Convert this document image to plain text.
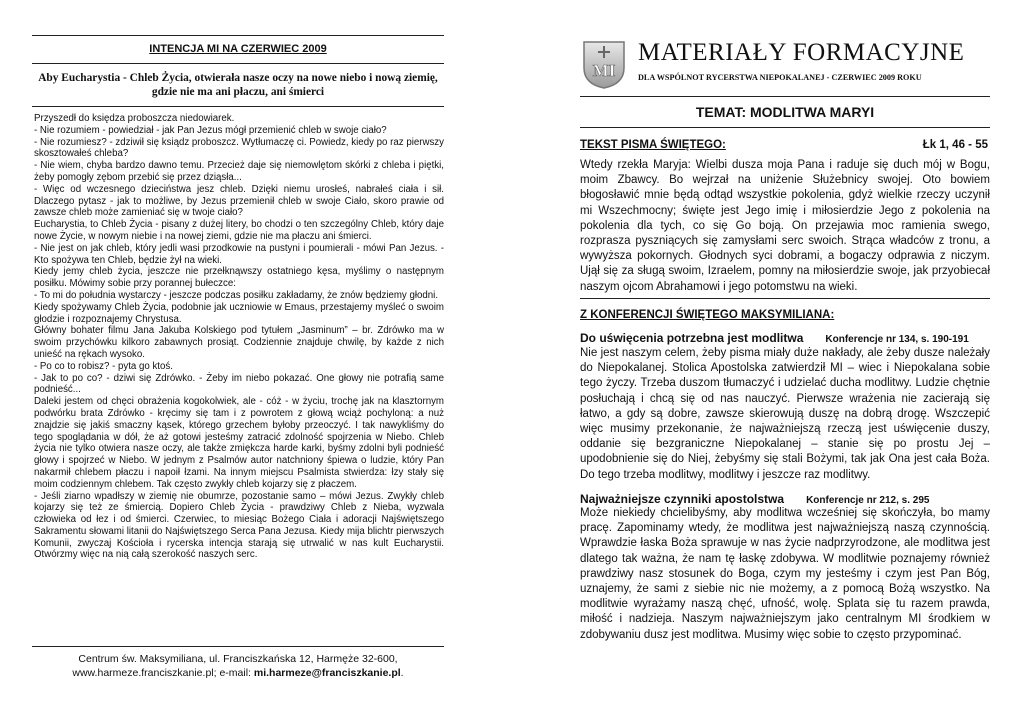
INTENCJA MI NA CZERWIEC 2009
Aby Eucharystia - Chleb Życia, otwierała nasze oczy na nowe niebo i nową ziemię, gdzie nie ma ani płaczu, ani śmierci

Przyszedł do księdza proboszcza niedowiarek.

- Nie rozumiem - powiedział - jak Pan Jezus mógł przemienić chleb w swoje ciało?

- Nie rozumiesz? - zdziwił się ksiądz proboszcz. Wytłumaczę ci. Powiedz, kiedy po raz pierwszy skosztowałeś chleba?

- Nie wiem, chyba bardzo dawno temu. Przecież daje się niemowlętom skórki z chleba i piętki, żeby pomogły zębom przebić się przez dziąsła...

- Więc od wczesnego dzieciństwa jesz chleb. Dzięki niemu urosłeś, nabrałeś ciała i sił. Dlaczego pytasz - jak to możliwe, by Jezus przemienił chleb w swoje Ciało, skoro prawie od zawsze chleb może zamieniać się w twoje ciało?

Eucharystia, to Chleb Życia - pisany z dużej litery, bo chodzi o ten szczególny Chleb, który daje nowe Życie, w nowym niebie i na nowej ziemi, gdzie nie ma płaczu ani śmierci.

- Nie jest on jak chleb, który jedli wasi przodkowie na pustyni i poumierali - mówi Pan Jezus. - Kto spożywa ten Chleb, będzie żył na wieki.

Kiedy jemy chleb życia, jeszcze nie przełknąwszy ostatniego kęsa, myślimy o następnym posiłku. Mówimy sobie przy porannej bułeczce:

- To mi do południa wystarczy - jeszcze podczas posiłku zakładamy, że znów będziemy głodni.

Kiedy spożywamy Chleb Życia, podobnie jak uczniowie w Emaus, przestajemy myśleć o swoim głodzie i rozpoznajemy Chrystusa.

Główny bohater filmu Jana Jakuba Kolskiego pod tytułem „Jasminum” – br. Zdrówko ma w swoim przychówku kilkoro zabawnych prosiąt. Codziennie znajduje chwilę, by każde z nich unieść na rękach wysoko.

- Po co to robisz? - pyta go ktoś.

- Jak to po co? - dziwi się Zdrówko. - Żeby im niebo pokazać. One głowy nie potrafią same podnieść...

Daleki jestem od chęci obrażenia kogokolwiek, ale - cóż - w życiu, trochę jak na klasztornym podwórku brata Zdrówko - kręcimy się tam i z powrotem z głową wciąż pochyloną: a nuż znajdzie się jakiś smaczny kąsek, którego grzechem byłoby przeoczyć. I tak nawykliśmy do tego spoglądania w dół, że aż gotowi jesteśmy zatracić zdolność spojrzenia w Niebo. Chleb życia nie tylko otwiera nasze oczy, ale także zmiękcza harde karki, byśmy zdolni byli podnieść głowy i spojrzeć w Niebo. W jednym z Psalmów autor natchniony śpiewa o ludzie, który Pan nakarmił chlebem płaczu i napoił łzami. Na innym miejscu Psalmista stwierdza: łzy stały się moim codziennym chlebem. Tak często zwykły chleb kojarzy się z płaczem.

- Jeśli ziarno wpadłszy w ziemię nie obumrze, pozostanie samo – mówi Jezus. Zwykły chleb kojarzy się też ze śmiercią. Dopiero Chleb Życia - prawdziwy Chleb z Nieba, wyzwala człowieka od łez i od śmierci. Czerwiec, to miesiąc Bożego Ciała i adoracji Najświętszego Sakramentu słowami litanii do Najświętszego Serca Pana Jezusa. Kiedy mija blichtr pierwszych Komunii, zwyczaj Kościoła i rycerska intencja starają się utrwalić w nas kult Eucharystii. Otwórzmy więc na nią całą szerokość naszych serc.

Centrum św. Maksymiliana, ul. Franciszkańska 12, Harmęże 32-600,
www.harmeze.franciszkanie.pl; e-mail: mi.harmeze@franciszkanie.pl.
MI
MATERIAŁY FORMACYJNE
DLA WSPÓLNOT RYCERSTWA NIEPOKALANEJ - CZERWIEC 2009 ROKU
TEMAT: MODLITWA MARYI
TEKST PISMA ŚWIĘTEGO:	Łk 1, 46 - 55
Wtedy rzekła Maryja: Wielbi dusza moja Pana i raduje się duch mój w Bogu, moim Zbawcy. Bo wejrzał na uniżenie Służebnicy swojej. Oto bowiem błogosławić mnie będą odtąd wszystkie pokolenia, gdyż wielkie rzeczy uczynił mi Wszechmocny; święte jest Jego imię i miłosierdzie Jego z pokolenia na pokolenia dla tych, co się Go boją. On przejawia moc ramienia swego, rozprasza pyszniących się zamysłami serc swoich. Strąca władców z tronu, a wywyższa pokornych. Głodnych syci dobrami, a bogaczy odprawia z niczym. Ujął się za sługą swoim, Izraelem, pomny na miłosierdzie swoje, jak przyobiecał naszym ojcom Abrahamowi i jego potomstwu na wieki.
Z KONFERENCJI ŚWIĘTEGO MAKSYMILIANA:
Do uświęcenia potrzebna jest modlitwa Konferencje nr 134, s. 190-191
Nie jest naszym celem, żeby pisma miały duże nakłady, ale żeby dusze należały do Niepokalanej. Stolica Apostolska zatwierdził MI – wiec i Niepokalana sobie tego życzy. Trzeba duszom tłumaczyć i udzielać ducha modlitwy. Ludzie chętnie posłuchają i chcą się od nas nauczyć. Pierwsze wrażenia nie zacierają się łatwo, a gdy są dobre, zawsze skierowują duszę na dobrą drogę. Wszczepić więc musimy przekonanie, że najważniejszą rzeczą jest uświęcenie duszy, oddanie się bezgraniczne Niepokalanej – stanie się po prostu Jej – upodobnienie się do Niej, żebyśmy się stali Bożymi, tak jak Ona jest cała Boża. Do tego trzeba modlitwy, modlitwy i jeszcze raz modlitwy.
Najważniejsze czynniki apostolstwa Konferencje nr 212, s. 295
Może niekiedy chcielibyśmy, aby modlitwa wcześniej się skończyła, bo mamy pracę. Zapominamy wtedy, że modlitwa jest najważniejszą naszą czynnością. Wprawdzie łaska Boża sprawuje w nas życie nadprzyrodzone, ale modlitwa jest dlatego tak ważna, że nam tę łaskę zdobywa. W modlitwie poznajemy również prawdziwy nasz stosunek do Boga, czym my jesteśmy i czym jest Pan Bóg, uznajemy, że sami z siebie nic nie możemy, a z pomocą Bożą wszystko. Na modlitwie wyrażamy naszą chęć, ufność, wolę. Splata się tu razem prawda, miłość i nadzieja. Naszym najważniejszym jako centralnym MI środkiem w zdobywaniu dusz jest modlitwa. Musimy więc sobie to często przypominać.
